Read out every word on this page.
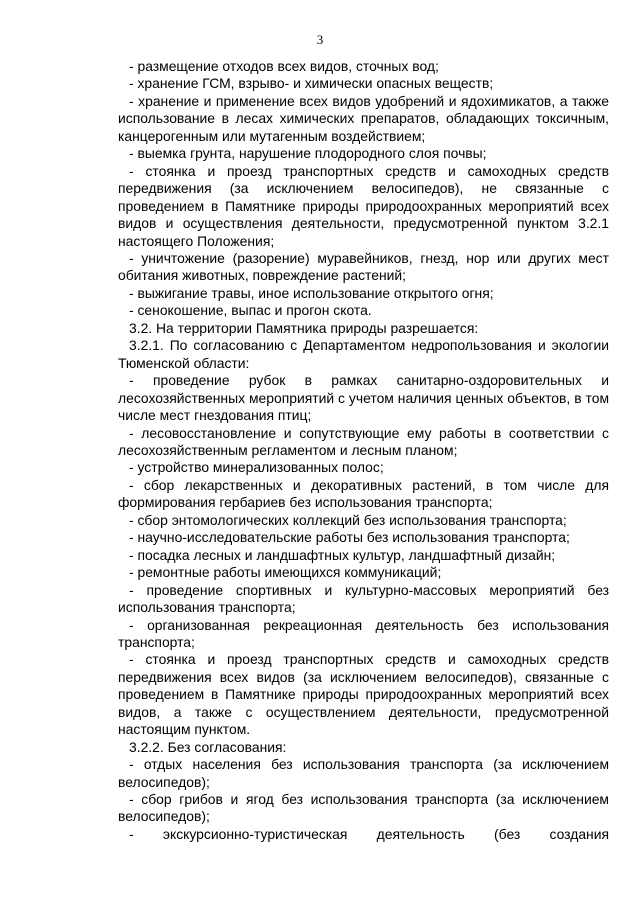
3

- размещение отходов всех видов, сточных вод;

- хранение ГСМ, взрыво- и химически опасных веществ;

- хранение и применение всех видов удобрений и ядохимикатов, а также использование в лесах химических препаратов, обладающих токсичным, канцерогенным или мутагенным воздействием;

- выемка грунта, нарушение плодородного слоя почвы;

- стоянка и проезд транспортных средств и самоходных средств передвижения (за исключением велосипедов), не связанные с проведением в Памятнике природы природоохранных мероприятий всех видов и осуществления деятельности, предусмотренной пунктом 3.2.1 настоящего Положения;

- уничтожение (разорение) муравейников, гнезд, нор или других мест обитания животных, повреждение растений;

- выжигание травы, иное использование открытого огня;

- сенокошение, выпас и прогон скота.

3.2. На территории Памятника природы разрешается:

3.2.1. По согласованию с Департаментом недропользования и экологии Тюменской области:

- проведение рубок в рамках санитарно-оздоровительных и лесохозяйственных мероприятий с учетом наличия ценных объектов, в том числе мест гнездования птиц;

- лесовосстановление и сопутствующие ему работы в соответствии с лесохозяйственным регламентом и лесным планом;

- устройство минерализованных полос;

- сбор лекарственных и декоративных растений, в том числе для формирования гербариев без использования транспорта;

- сбор энтомологических коллекций без использования транспорта;

- научно-исследовательские работы без использования транспорта;

- посадка лесных и ландшафтных культур, ландшафтный дизайн;

- ремонтные работы имеющихся коммуникаций;

- проведение спортивных и культурно-массовых мероприятий без использования транспорта;

- организованная рекреационная деятельность без использования транспорта;

- стоянка и проезд транспортных средств и самоходных средств передвижения всех видов (за исключением велосипедов), связанные с проведением в Памятнике природы природоохранных мероприятий всех видов, а также с осуществлением деятельности, предусмотренной настоящим пунктом.

3.2.2. Без согласования:

- отдых населения без использования транспорта (за исключением велосипедов);

- сбор грибов и ягод без использования транспорта (за исключением велосипедов);

- экскурсионно-туристическая деятельность (без создания
